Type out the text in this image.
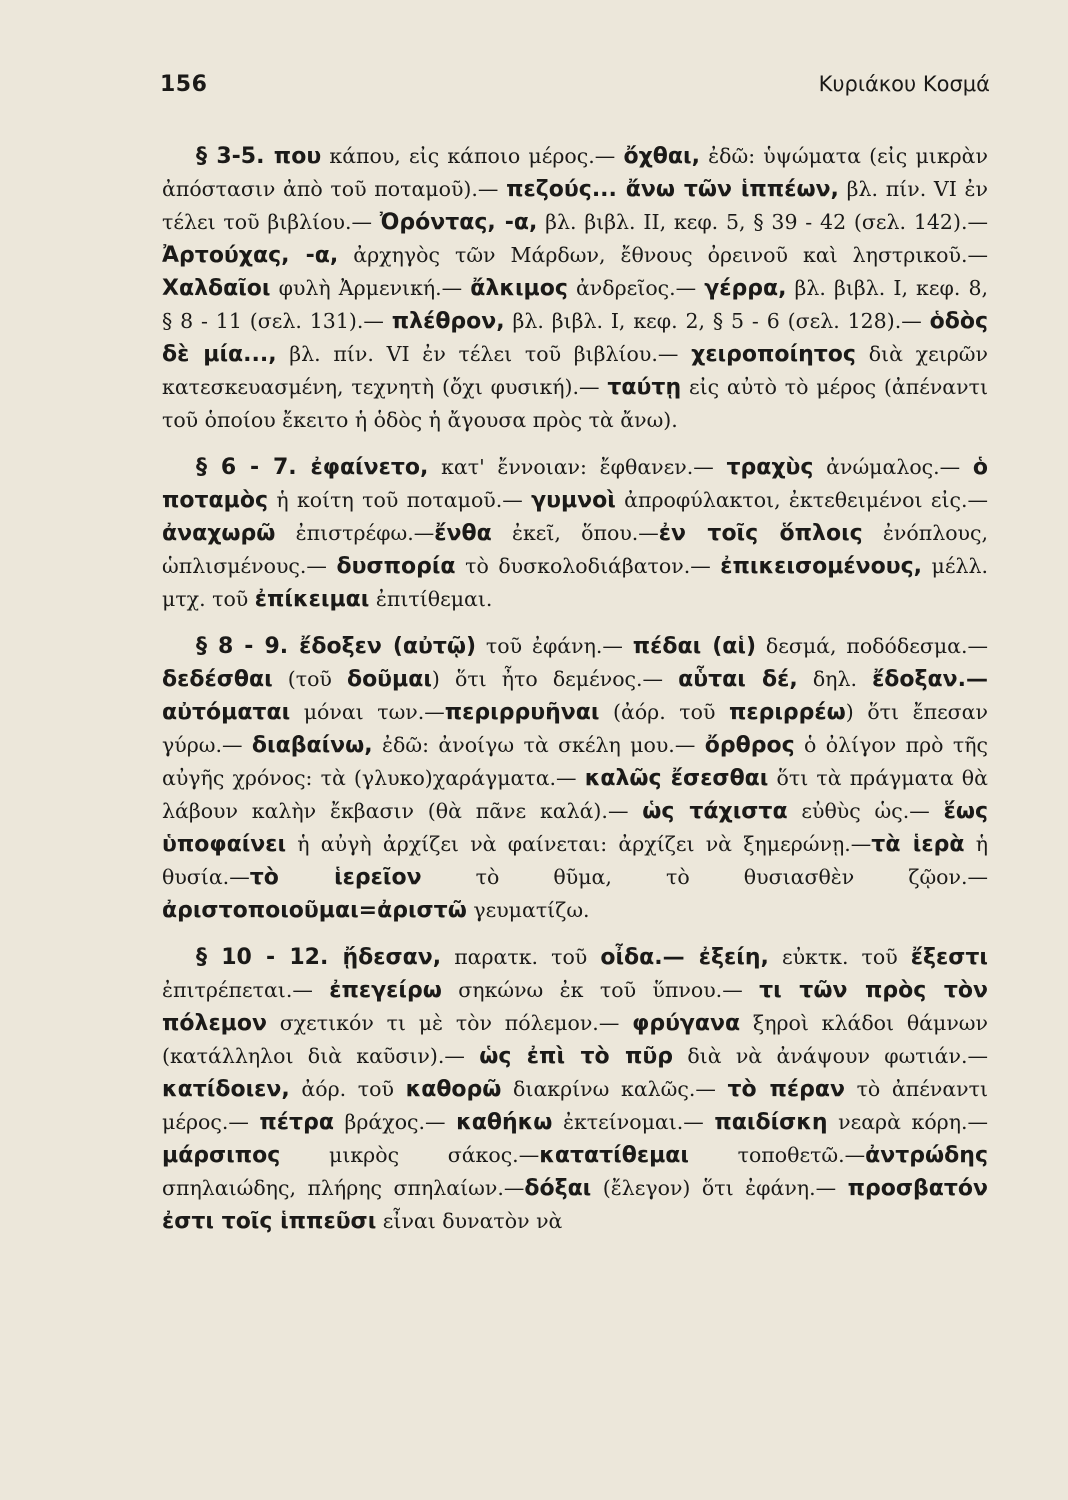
156	Κυριάκου Κοσμά

§ 3-5. που κάπου, εἰς κάποιο μέρος.— ὄχθαι, ἐδῶ: ὑψώματα (εἰς μικρὰν ἀπόστασιν ἀπὸ τοῦ ποταμοῦ).— πεζούς... ἄνω τῶν ἱππέων, βλ. πίν. VI ἐν τέλει τοῦ βιβλίου.— Ὀρόντας, -α, βλ. βιβλ. II, κεφ. 5, § 39 - 42 (σελ. 142).— Ἀρτούχας, -α, ἀρχηγὸς τῶν Μάρδων, ἔθνους ὀρεινοῦ καὶ ληστρικοῦ.— Χαλδαῖοι φυλὴ Ἀρμενική.— ἄλκιμος ἀνδρεῖος.— γέρρα, βλ. βιβλ. I, κεφ. 8, § 8 - 11 (σελ. 131).— πλέθρον, βλ. βιβλ. I, κεφ. 2, § 5 - 6 (σελ. 128).— ὁδὸς δὲ μία..., βλ. πίν. VI ἐν τέλει τοῦ βιβλίου.— χειροποίητος διὰ χειρῶν κατεσκευασμένη, τεχνητὴ (ὄχι φυσική).— ταύτῃ εἰς αὐτὸ τὸ μέρος (ἀπέναντι τοῦ ὁποίου ἔκειτο ἡ ὁδὸς ἡ ἄγουσα πρὸς τὰ ἄνω).

§ 6 - 7. ἐφαίνετο, κατ' ἔννοιαν: ἔφθανεν.— τραχὺς ἀνώμαλος.— ὁ ποταμὸς ἡ κοίτη τοῦ ποταμοῦ.— γυμνοὶ ἀπροφύλακτοι, ἐκτεθειμένοι εἰς.—ἀναχωρῶ ἐπιστρέφω.—ἔνθα ἐκεῖ, ὅπου.—ἐν τοῖς ὅπλοις ἐνόπλους, ὡπλισμένους.— δυσπορία τὸ δυσκολοδιάβατον.— ἐπικεισομένους, μέλλ. μτχ. τοῦ ἐπίκειμαι ἐπιτίθεμαι.

§ 8 - 9. ἔδοξεν (αὐτῷ) τοῦ ἐφάνη.— πέδαι (αἱ) δεσμά, ποδόδεσμα.— δεδέσθαι (τοῦ δοῦμαι) ὅτι ἦτο δεμένος.— αὗται δέ, δηλ. ἔδοξαν.—αὐτόμαται μόναι των.—περιρρυῆναι (ἀόρ. τοῦ περιρρέω) ὅτι ἔπεσαν γύρω.— διαβαίνω, ἐδῶ: ἀνοίγω τὰ σκέλη μου.— ὄρθρος ὁ ὀλίγον πρὸ τῆς αὐγῆς χρόνος: τὰ (γλυκο)χαράγματα.— καλῶς ἔσεσθαι ὅτι τὰ πράγματα θὰ λάβουν καλὴν ἔκβασιν (θὰ πᾶνε καλά).— ὡς τάχιστα εὐθὺς ὡς.— ἕως ὑποφαίνει ἡ αὐγὴ ἀρχίζει νὰ φαίνεται: ἀρχίζει νὰ ξημερώνῃ.—τὰ ἱερὰ ἡ θυσία.—τὸ ἱερεῖον τὸ θῦμα, τὸ θυσιασθὲν ζῷον.—ἀριστοποιοῦμαι=ἀριστῶ γευματίζω.

§ 10 - 12. ᾔδεσαν, παρατκ. τοῦ οἶδα.— ἐξείη, εὐκτκ. τοῦ ἔξεστι ἐπιτρέπεται.— ἐπεγείρω σηκώνω ἐκ τοῦ ὕπνου.— τι τῶν πρὸς τὸν πόλεμον σχετικόν τι μὲ τὸν πόλεμον.— φρύγανα ξηροὶ κλάδοι θάμνων (κατάλληλοι διὰ καῦσιν).— ὡς ἐπὶ τὸ πῦρ διὰ νὰ ἀνάψουν φωτιάν.— κατίδοιεν, ἀόρ. τοῦ καθορῶ διακρίνω καλῶς.— τὸ πέραν τὸ ἀπέναντι μέρος.— πέτρα βράχος.— καθήκω ἐκτείνομαι.— παιδίσκη νεαρὰ κόρη.— μάρσιπος μικρὸς σάκος.—κατατίθεμαι τοποθετῶ.—ἀντρώδης σπηλαιώδης, πλήρης σπηλαίων.—δόξαι (ἔλεγον) ὅτι ἐφάνη.— προσβατόν ἐστι τοῖς ἱππεῦσι εἶναι δυνατὸν νὰ
